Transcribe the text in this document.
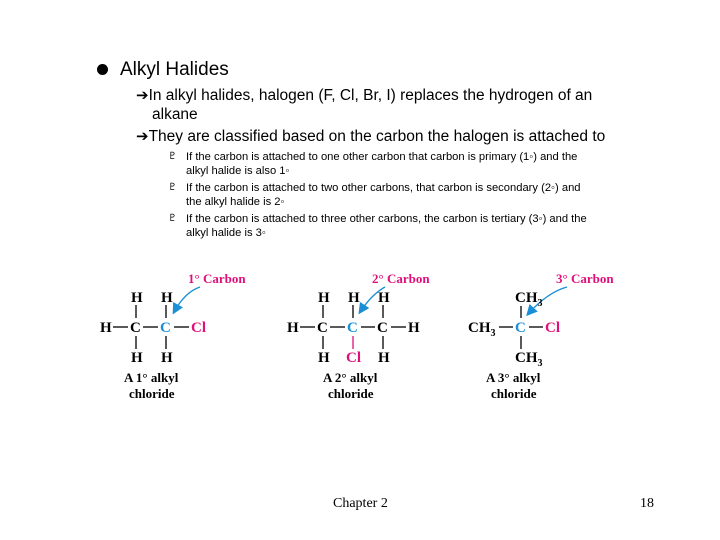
Alkyl Halides
➔In alkyl halides, halogen (F, Cl, Br, I) replaces the hydrogen of an
alkane
➔They are classified based on the carbon the halogen is attached to
♇ If the carbon is attached to one other carbon that carbon is primary (1◦) and the
alkyl halide is also 1◦
♇ If the carbon is attached to two other carbons, that carbon is secondary (2◦) and
the alkyl halide is 2◦
♇ If the carbon is attached to three other carbons, the carbon is tertiary (3◦) and the
alkyl halide is 3◦
1° Carbon
H H
H C C Cl
H H
A 1° alkyl
chloride
2° Carbon
H H H
H C C C H
H Cl H
A 2° alkyl
chloride
3° Carbon
$CH_3$
$CH_3$ C Cl
$CH_3$
A 3° alkyl
chloride
Chapter 2	18
